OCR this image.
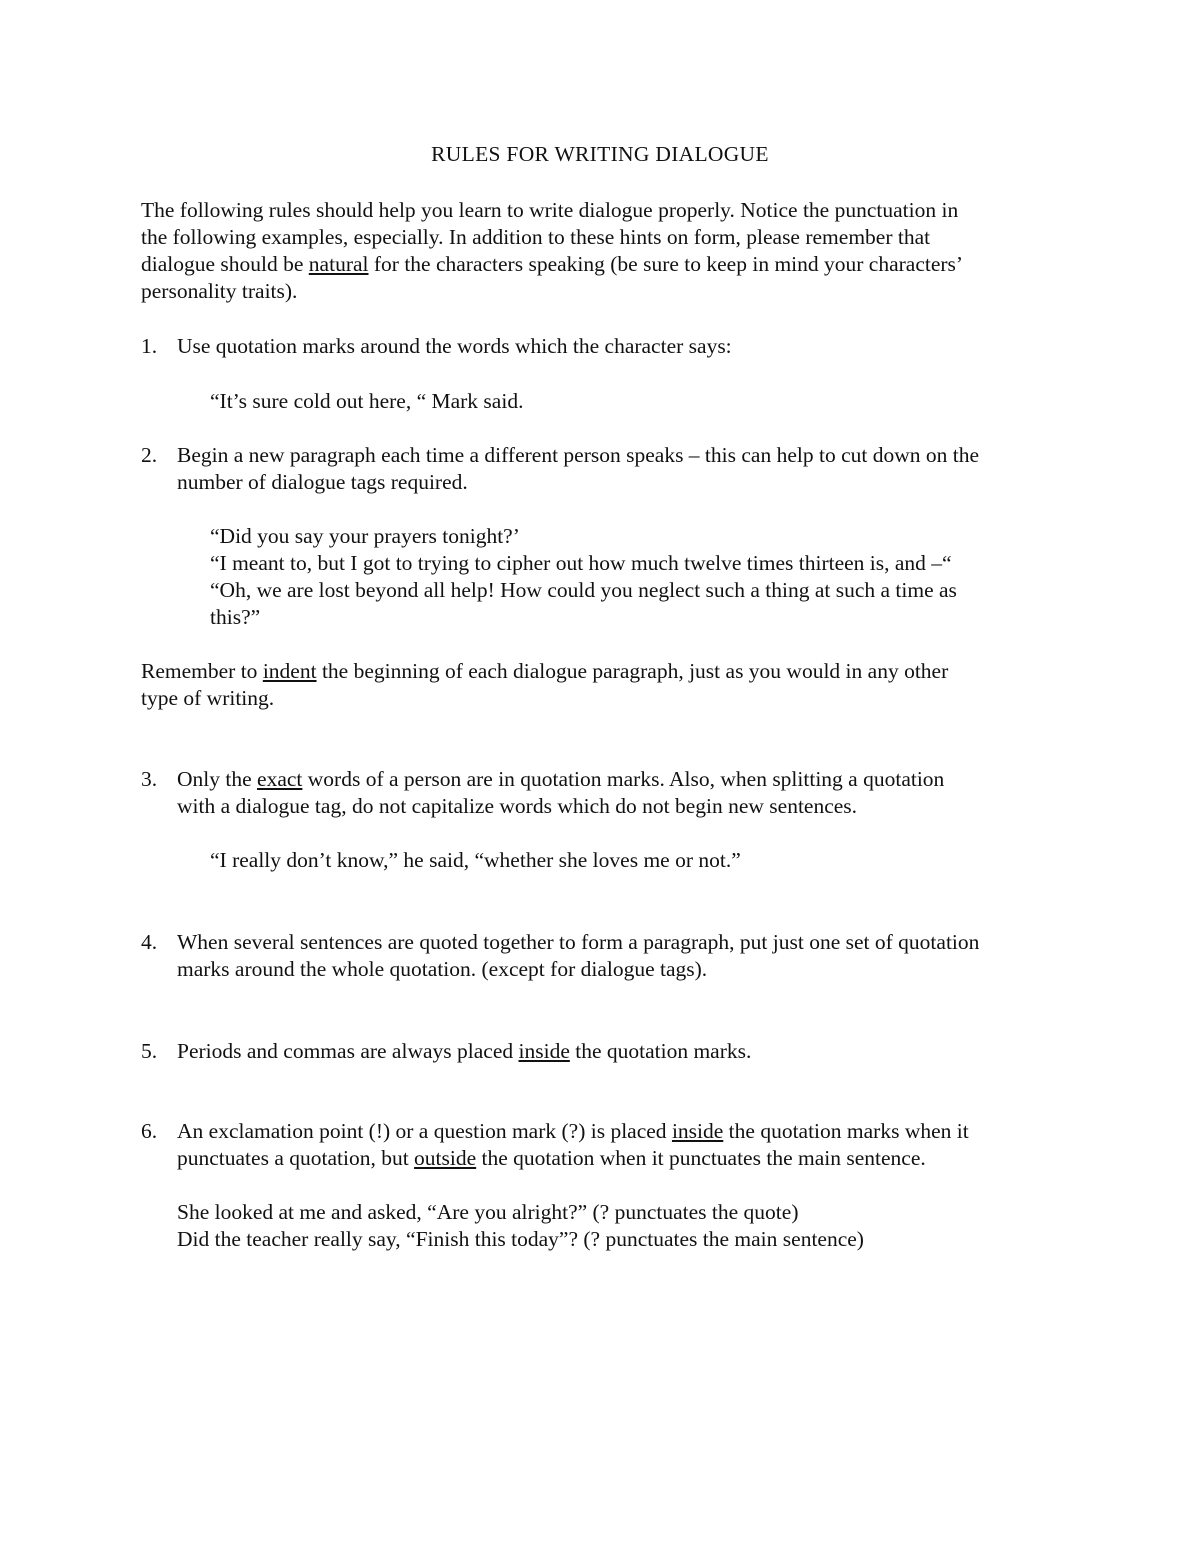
RULES FOR WRITING DIALOGUE
The following rules should help you learn to write dialogue properly. Notice the punctuation in
the following examples, especially. In addition to these hints on form, please remember that
dialogue should be natural for the characters speaking (be sure to keep in mind your characters’
personality traits).
1. Use quotation marks around the words which the character says:
“It’s sure cold out here, “ Mark said.
2. Begin a new paragraph each time a different person speaks – this can help to cut down on the
number of dialogue tags required.
“Did you say your prayers tonight?’
“I meant to, but I got to trying to cipher out how much twelve times thirteen is, and –“
“Oh, we are lost beyond all help! How could you neglect such a thing at such a time as
this?”
Remember to indent the beginning of each dialogue paragraph, just as you would in any other
type of writing.
3. Only the exact words of a person are in quotation marks. Also, when splitting a quotation
with a dialogue tag, do not capitalize words which do not begin new sentences.
“I really don’t know,” he said, “whether she loves me or not.”
4. When several sentences are quoted together to form a paragraph, put just one set of quotation
marks around the whole quotation. (except for dialogue tags).
5. Periods and commas are always placed inside the quotation marks.
6. An exclamation point (!) or a question mark (?) is placed inside the quotation marks when it
punctuates a quotation, but outside the quotation when it punctuates the main sentence.
She looked at me and asked, “Are you alright?” (? punctuates the quote)
Did the teacher really say, “Finish this today”? (? punctuates the main sentence)
